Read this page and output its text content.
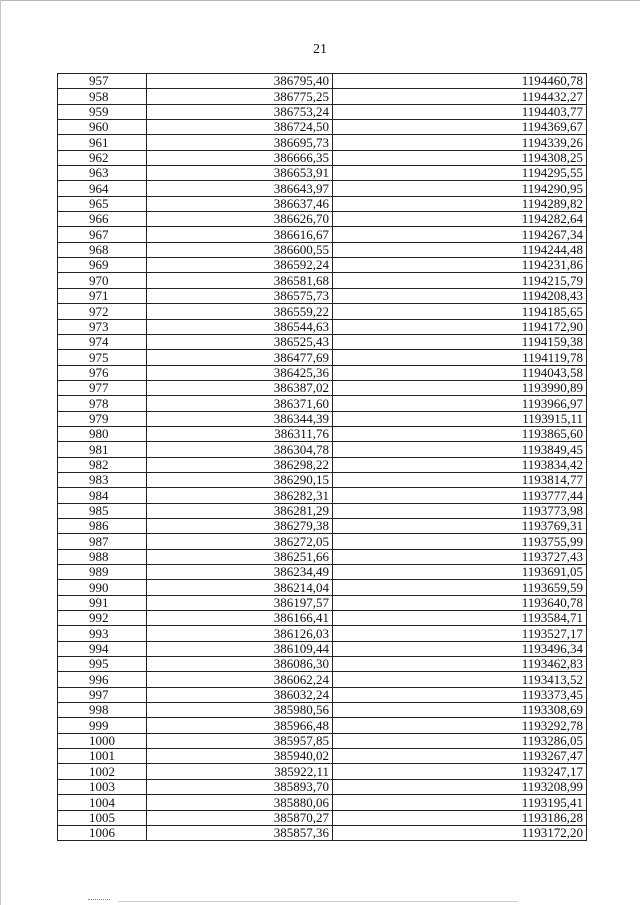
21
957	386795,40	1194460,78
958	386775,25	1194432,27
959	386753,24	1194403,77
960	386724,50	1194369,67
961	386695,73	1194339,26
962	386666,35	1194308,25
963	386653,91	1194295,55
964	386643,97	1194290,95
965	386637,46	1194289,82
966	386626,70	1194282,64
967	386616,67	1194267,34
968	386600,55	1194244,48
969	386592,24	1194231,86
970	386581,68	1194215,79
971	386575,73	1194208,43
972	386559,22	1194185,65
973	386544,63	1194172,90
974	386525,43	1194159,38
975	386477,69	1194119,78
976	386425,36	1194043,58
977	386387,02	1193990,89
978	386371,60	1193966,97
979	386344,39	1193915,11
980	386311,76	1193865,60
981	386304,78	1193849,45
982	386298,22	1193834,42
983	386290,15	1193814,77
984	386282,31	1193777,44
985	386281,29	1193773,98
986	386279,38	1193769,31
987	386272,05	1193755,99
988	386251,66	1193727,43
989	386234,49	1193691,05
990	386214,04	1193659,59
991	386197,57	1193640,78
992	386166,41	1193584,71
993	386126,03	1193527,17
994	386109,44	1193496,34
995	386086,30	1193462,83
996	386062,24	1193413,52
997	386032,24	1193373,45
998	385980,56	1193308,69
999	385966,48	1193292,78
1000	385957,85	1193286,05
1001	385940,02	1193267,47
1002	385922,11	1193247,17
1003	385893,70	1193208,99
1004	385880,06	1193195,41
1005	385870,27	1193186,28
1006	385857,36	1193172,20
